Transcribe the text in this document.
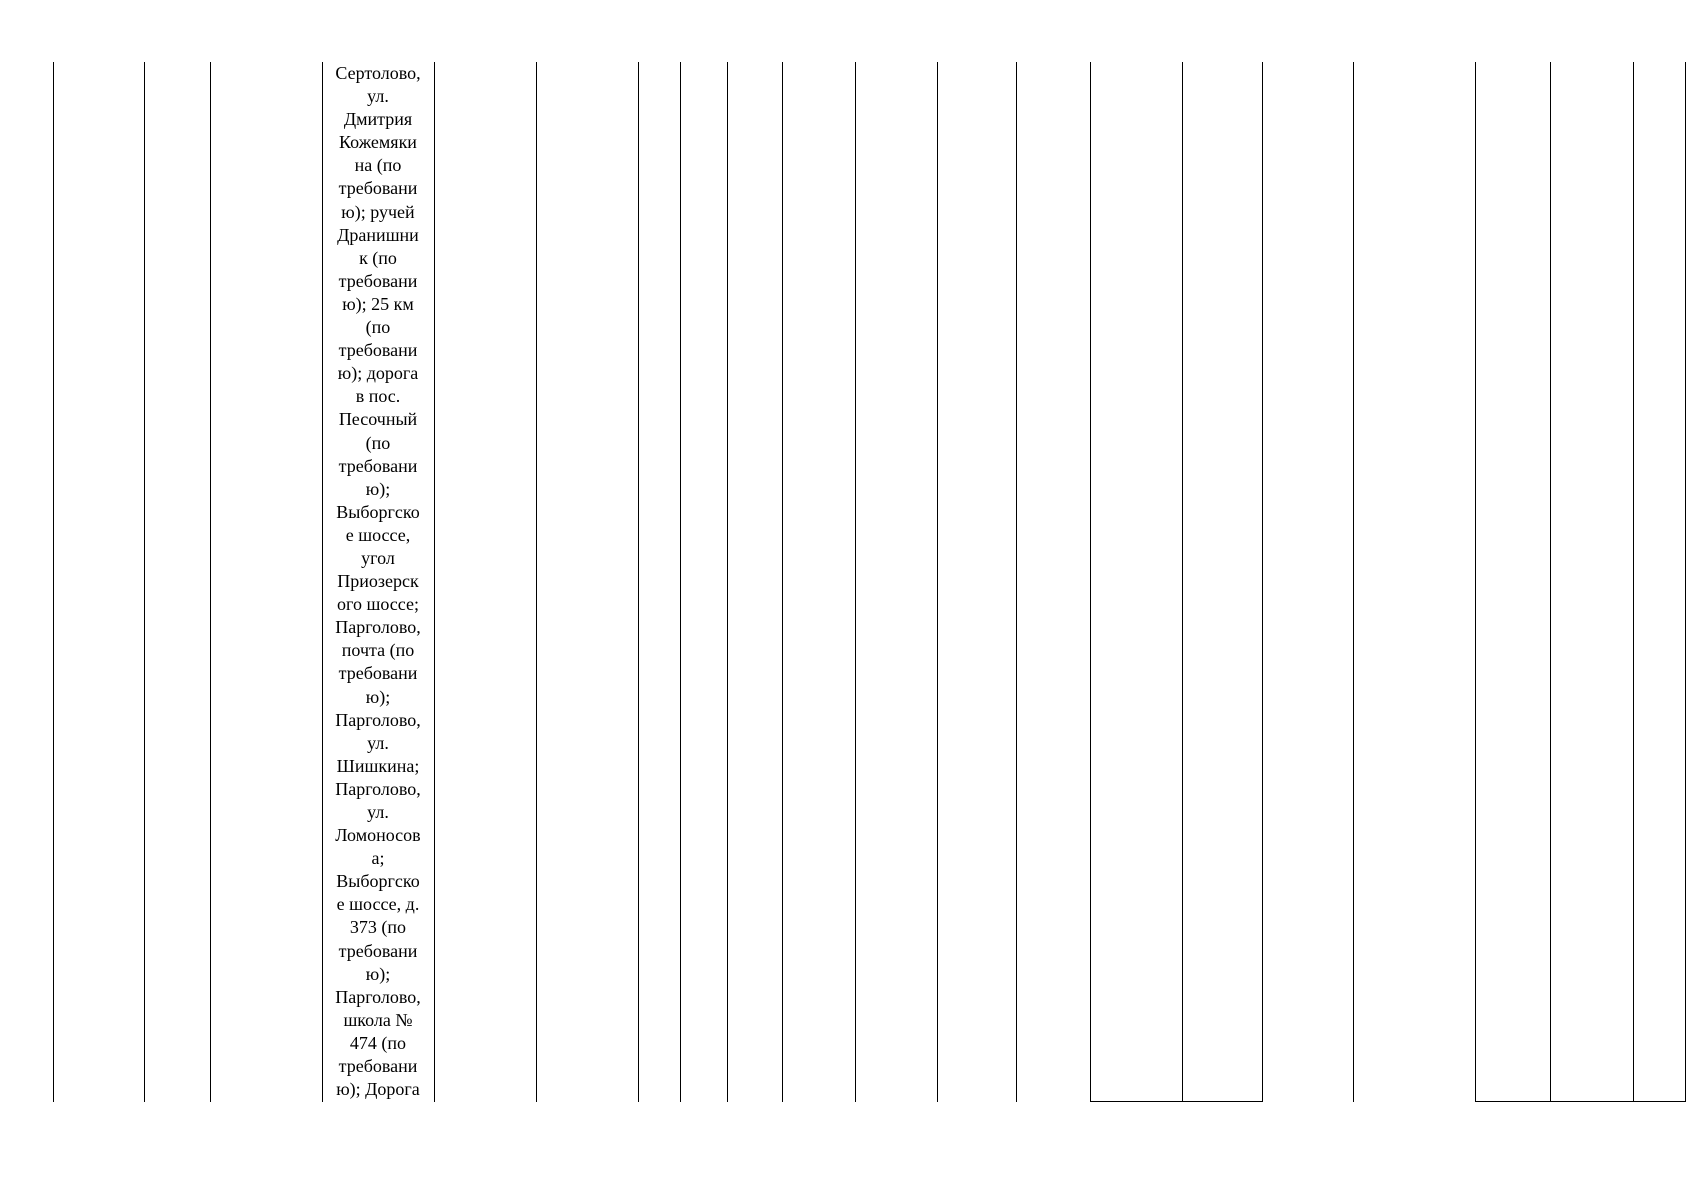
Сертолово,
ул.
Дмитрия
Кожемяки
на (по
требовани
ю); ручей
Дранишни
к (по
требовани
ю); 25 км
(по
требовани
ю); дорога
в пос.
Песочный
(по
требовани
ю);
Выборгско
е шоссе,
угол
Приозерск
ого шоссе;
Парголово,
почта (по
требовани
ю);
Парголово,
ул.
Шишкина;
Парголово,
ул.
Ломоносов
а;
Выборгско
е шоссе, д.
373 (по
требовани
ю);
Парголово,
школа №
474 (по
требовани
ю); Дорога
